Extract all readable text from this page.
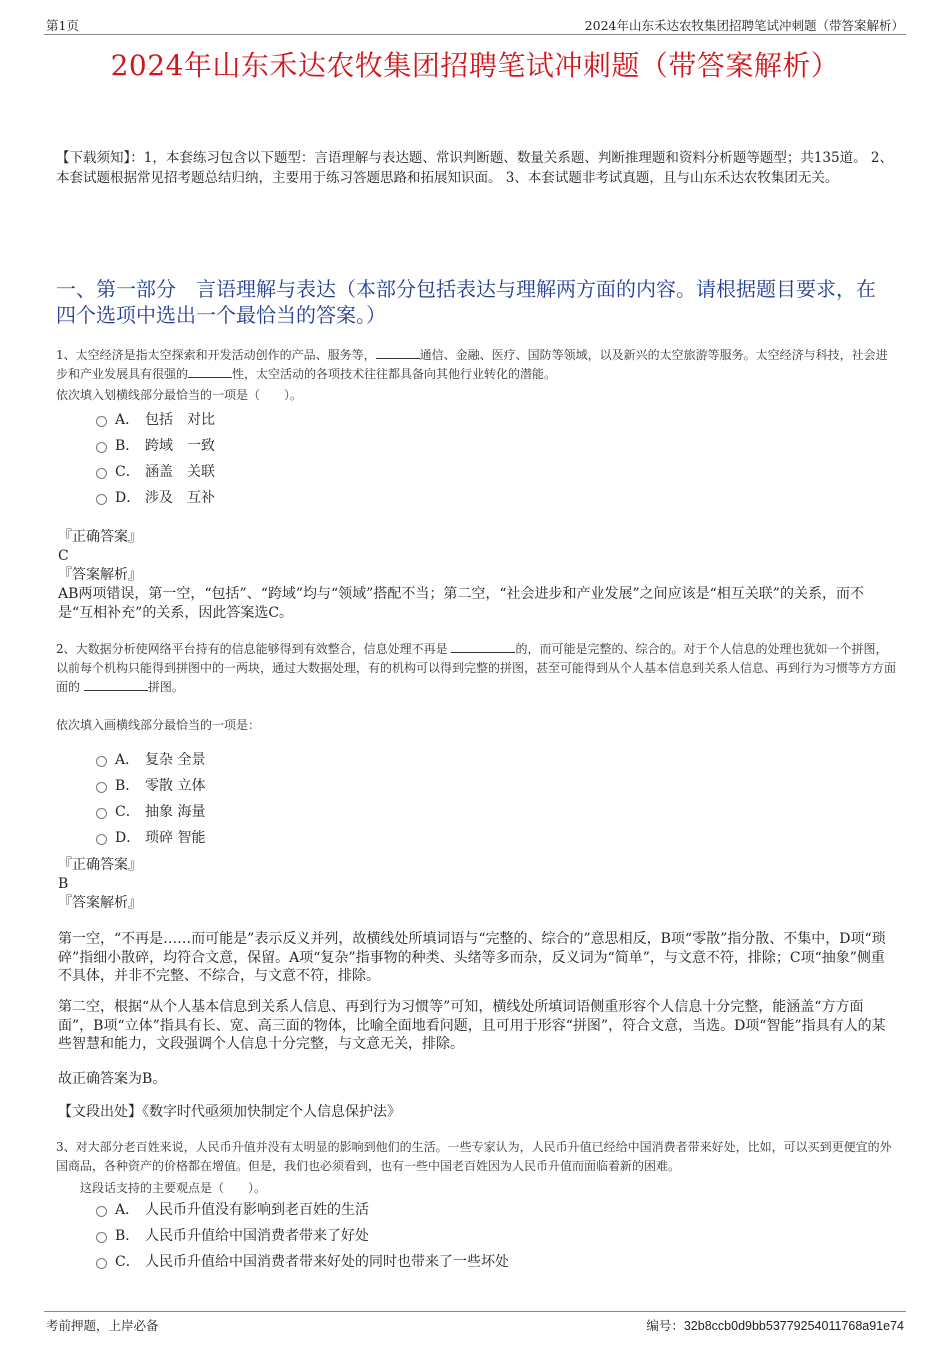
第1页	2024年山东禾达农牧集团招聘笔试冲刺题（带答案解析）
2024年山东禾达农牧集团招聘笔试冲刺题（带答案解析）
【下载须知】：1，本套练习包含以下题型：言语理解与表达题、常识判断题、数量关系题、判断推理题和资料分析题等题型；共135道。 2、本套试题根据常见招考题总结归纳，主要用于练习答题思路和拓展知识面。 3、本套试题非考试真题，且与山东禾达农牧集团无关。
一、第一部分　言语理解与表达（本部分包括表达与理解两方面的内容。请根据题目要求，在四个选项中选出一个最恰当的答案。）
1、太空经济是指太空探索和开发活动创作的产品、服务等，	通信、金融、医疗、国防等领域，以及新兴的太空旅游等服务。太空经济与科技，社会进步和产业发展具有很强的	性，太空活动的各项技术往往都具备向其他行业转化的潜能。
依次填入划横线部分最恰当的一项是（　　）。
A． 包括　对比
B． 跨域　一致
C． 涵盖　关联
D． 涉及　互补
『正确答案』
C
『答案解析』
AB两项错误，第一空，“包括”、“跨域”均与“领域”搭配不当；第二空，“社会进步和产业发展”之间应该是“相互关联”的关系，而不是“互相补充”的关系，因此答案选C。
2、大数据分析使网络平台持有的信息能够得到有效整合，信息处理不再是	的，而可能是完整的、综合的。对于个人信息的处理也犹如一个拼图，以前每个机构只能得到拼图中的一两块，通过大数据处理，有的机构可以得到完整的拼图，甚至可能得到从个人基本信息到关系人信息、再到行为习惯等方方面面的	拼图。
依次填入画横线部分最恰当的一项是：
A． 复杂 全景
B． 零散 立体
C． 抽象 海量
D． 琐碎 智能
『正确答案』
B
『答案解析』
第一空，“不再是……而可能是”表示反义并列，故横线处所填词语与“完整的、综合的”意思相反，B项“零散”指分散、不集中，D项“琐碎”指细小散碎，均符合文意，保留。A项“复杂”指事物的种类、头绪等多而杂，反义词为“简单”，与文意不符，排除；C项“抽象”侧重不具体，并非不完整、不综合，与文意不符，排除。
第二空，根据“从个人基本信息到关系人信息、再到行为习惯等”可知，横线处所填词语侧重形容个人信息十分完整，能涵盖“方方面面”，B项“立体”指具有长、宽、高三面的物体，比喻全面地看问题，且可用于形容“拼图”，符合文意，当选。D项“智能”指具有人的某些智慧和能力，文段强调个人信息十分完整，与文意无关，排除。
故正确答案为B。
【文段出处】《数字时代亟须加快制定个人信息保护法》
3、对大部分老百姓来说，人民币升值并没有太明显的影响到他们的生活。一些专家认为，人民币升值已经给中国消费者带来好处，比如，可以买到更便宜的外国商品，各种资产的价格都在增值。但是，我们也必须看到，也有一些中国老百姓因为人民币升值而面临着新的困难。
这段话支持的主要观点是（　　）。
A． 人民币升值没有影响到老百姓的生活
B． 人民币升值给中国消费者带来了好处
C． 人民币升值给中国消费者带来好处的同时也带来了一些坏处
考前押题，上岸必备	编号：32b8ccb0d9bb53779254011768a91e74
